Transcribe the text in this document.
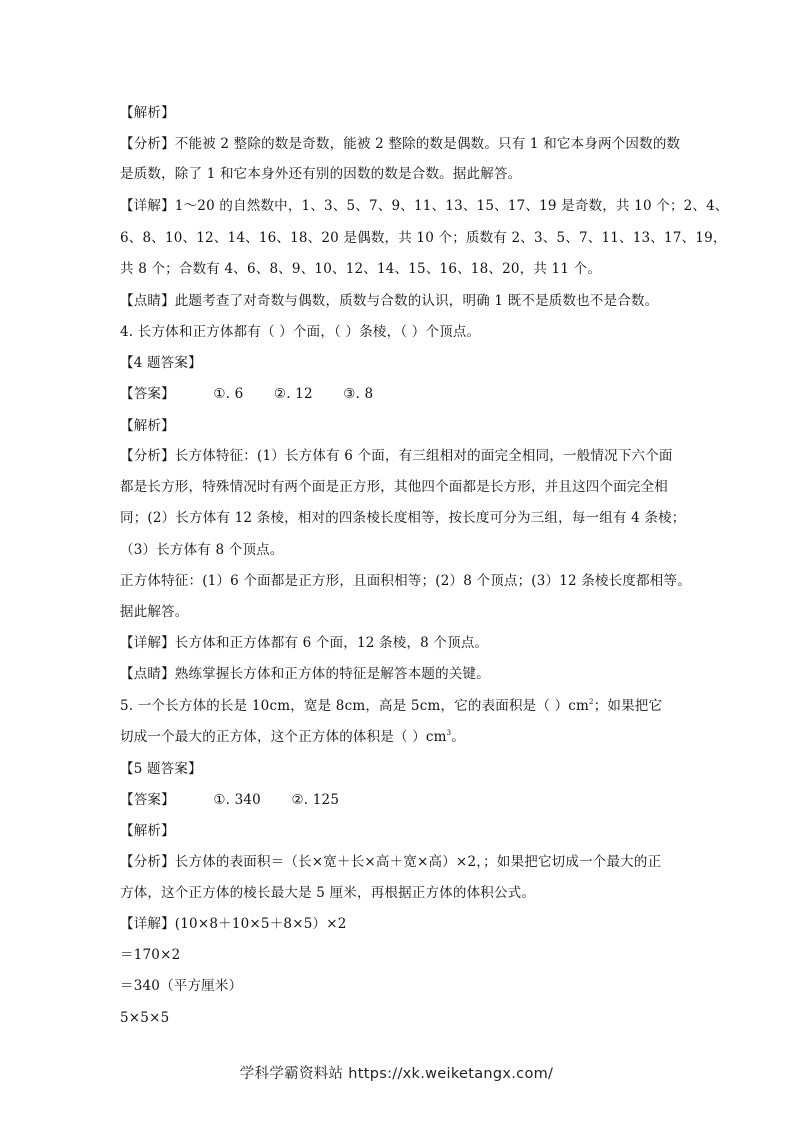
【解析】
【分析】不能被 2 整除的数是奇数，能被 2 整除的数是偶数。只有 1 和它本身两个因数的数
是质数，除了 1 和它本身外还有别的因数的数是合数。据此解答。
【详解】1～20 的自然数中，1、3、5、7、9、11、13、15、17、19 是奇数，共 10 个；2、4、
6、8、10、12、14、16、18、20 是偶数，共 10 个；质数有 2、3、5、7、11、13、17、19，
共 8 个；合数有 4、6、8、9、10、12、14、15、16、18、20，共 11 个。
【点睛】此题考查了对奇数与偶数，质数与合数的认识，明确 1 既不是质数也不是合数。
4. 长方体和正方体都有（ ）个面，（ ）条棱，（ ）个顶点。
【4 题答案】
【答案】	①. 6 ②. 12 ③. 8
【解析】
【分析】长方体特征：(1）长方体有 6 个面，有三组相对的面完全相同，一般情况下六个面
都是长方形，特殊情况时有两个面是正方形，其他四个面都是长方形，并且这四个面完全相
同；(2）长方体有 12 条棱，相对的四条棱长度相等，按长度可分为三组，每一组有 4 条棱；
（3）长方体有 8 个顶点。
正方体特征：(1）6 个面都是正方形，且面积相等；(2）8 个顶点；(3）12 条棱长度都相等。
据此解答。
【详解】长方体和正方体都有 6 个面，12 条棱，8 个顶点。
【点睛】熟练掌握长方体和正方体的特征是解答本题的关键。
5. 一个长方体的长是 10cm，宽是 8cm，高是 5cm，它的表面积是（ ）$cm^2$；如果把它
切成一个最大的正方体，这个正方体的体积是（ ）$cm^3$。
【5 题答案】
【答案】	①. 340 ②. 125
【解析】
【分析】长方体的表面积＝（长×宽＋长×高＋宽×高）×2，；如果把它切成一个最大的正
方体，这个正方体的棱长最大是 5 厘米，再根据正方体的体积公式。
【详解】(10×8＋10×5＋8×5）×2
＝170×2
＝340（平方厘米）
5×5×5
学科学霸资料站 https://xk.weiketangx.com/
